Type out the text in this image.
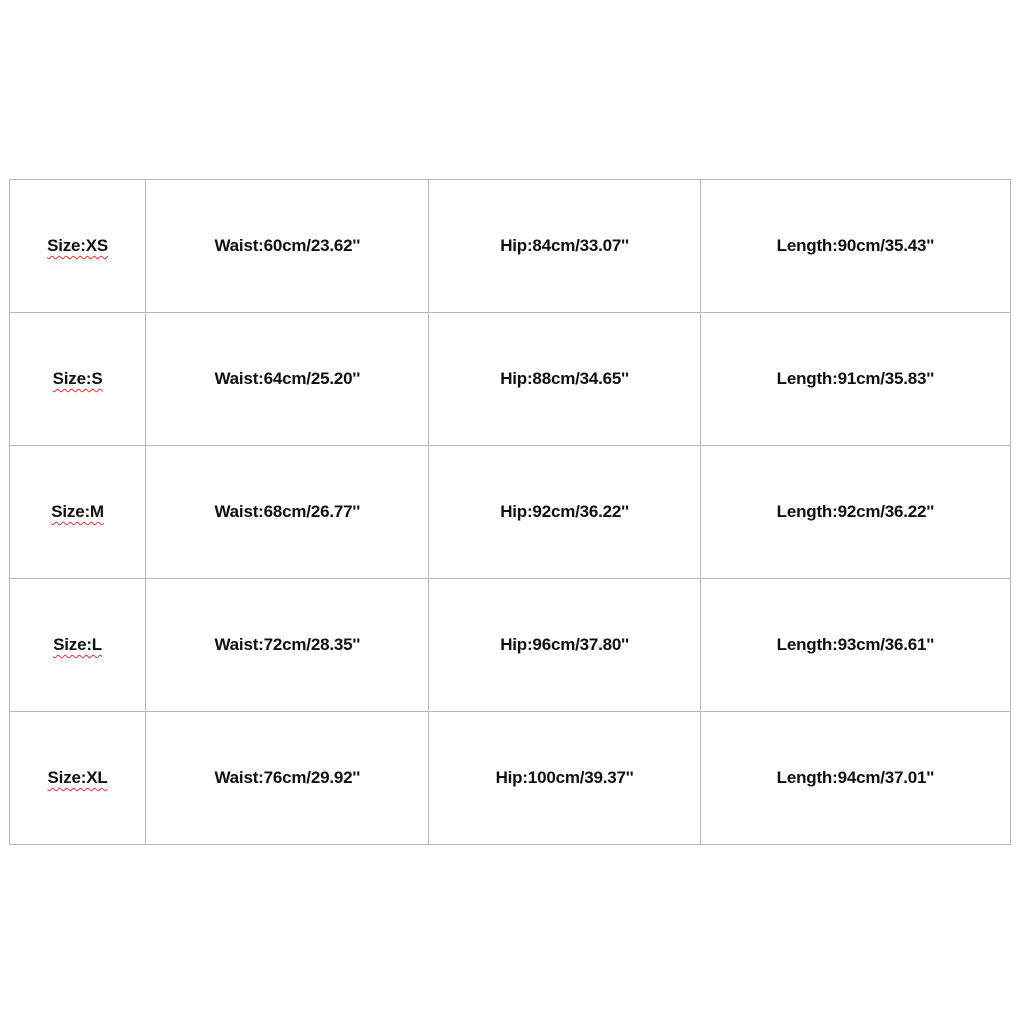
Size:XS	Waist:60cm/23.62''	Hip:84cm/33.07''	Length:90cm/35.43''
Size:S	Waist:64cm/25.20''	Hip:88cm/34.65''	Length:91cm/35.83''
Size:M	Waist:68cm/26.77''	Hip:92cm/36.22''	Length:92cm/36.22''
Size:L	Waist:72cm/28.35''	Hip:96cm/37.80''	Length:93cm/36.61''
Size:XL	Waist:76cm/29.92''	Hip:100cm/39.37''	Length:94cm/37.01''
